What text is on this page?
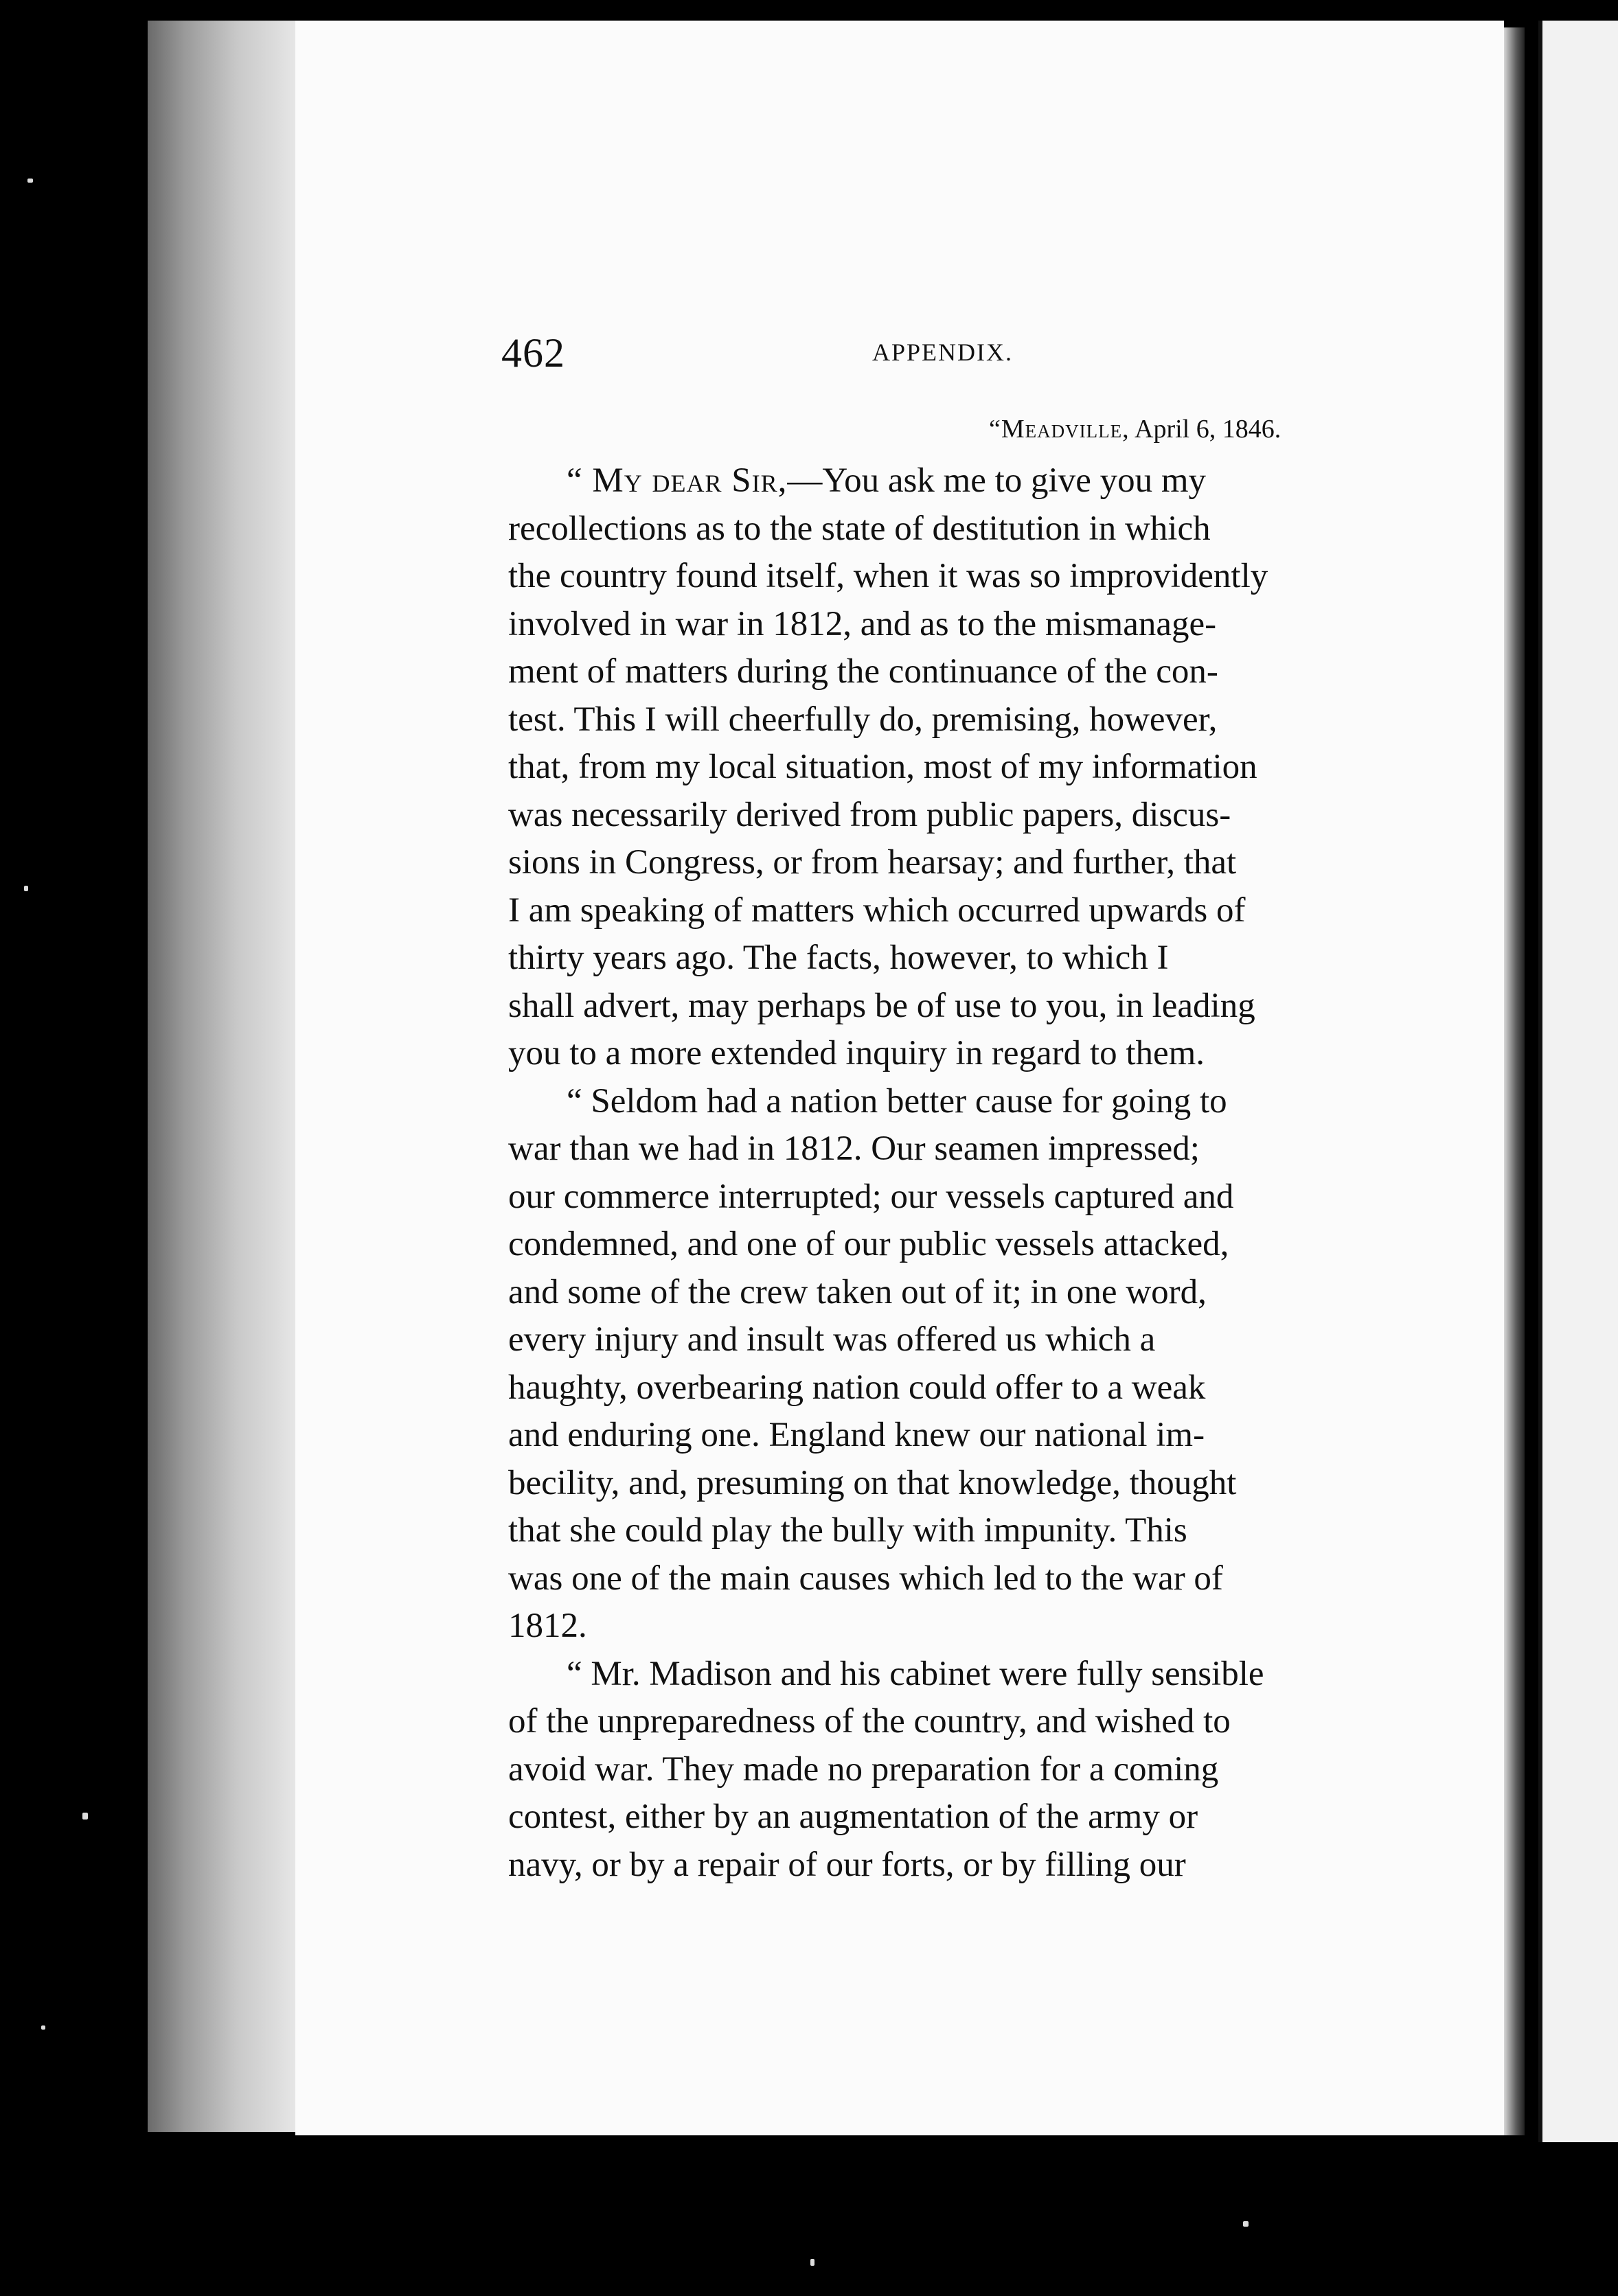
462	APPENDIX.
“Meadville, April 6, 1846.
“ My dear Sir,—You ask me to give you my
recollections as to the state of destitution in which
the country found itself, when it was so improvidently
involved in war in 1812, and as to the mismanage-
ment of matters during the continuance of the con-
test. This I will cheerfully do, premising, however,
that, from my local situation, most of my information
was necessarily derived from public papers, discus-
sions in Congress, or from hearsay; and further, that
I am speaking of matters which occurred upwards of
thirty years ago. The facts, however, to which I
shall advert, may perhaps be of use to you, in leading
you to a more extended inquiry in regard to them.
“ Seldom had a nation better cause for going to
war than we had in 1812. Our seamen impressed;
our commerce interrupted; our vessels captured and
condemned, and one of our public vessels attacked,
and some of the crew taken out of it; in one word,
every injury and insult was offered us which a
haughty, overbearing nation could offer to a weak
and enduring one. England knew our national im-
becility, and, presuming on that knowledge, thought
that she could play the bully with impunity. This
was one of the main causes which led to the war of
1812.
“ Mr. Madison and his cabinet were fully sensible
of the unpreparedness of the country, and wished to
avoid war. They made no preparation for a coming
contest, either by an augmentation of the army or
navy, or by a repair of our forts, or by filling our
